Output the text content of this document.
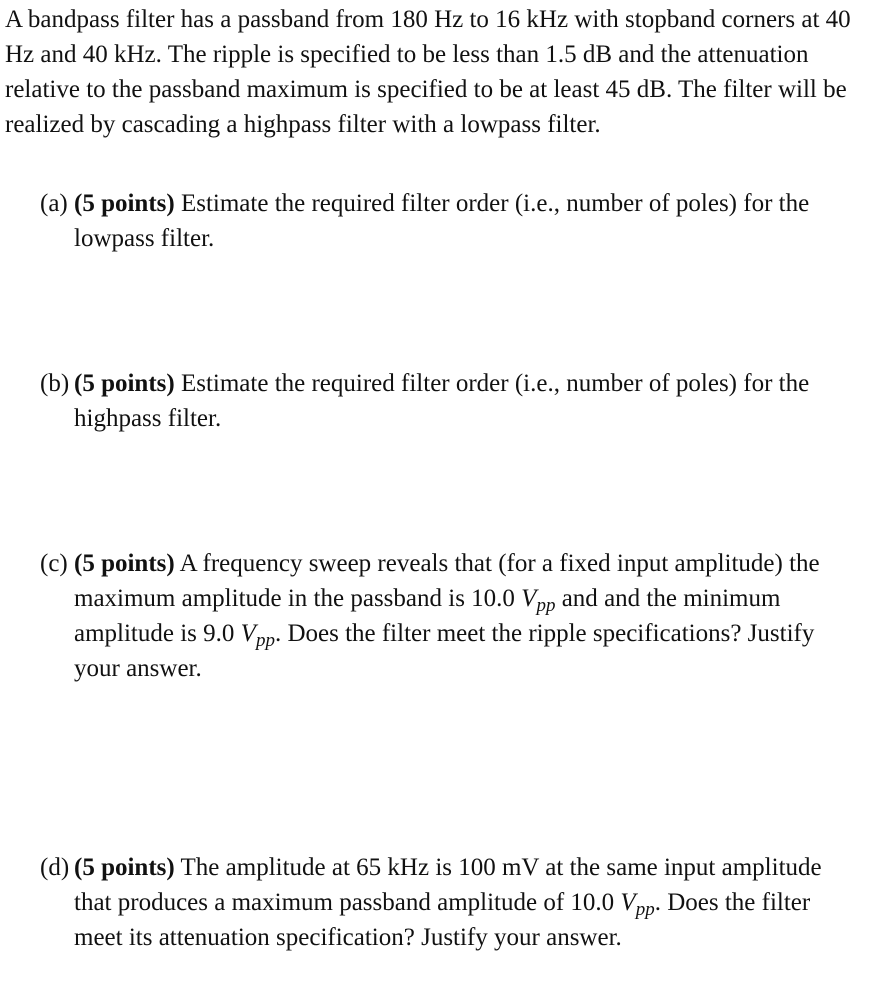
A bandpass filter has a passband from 180 Hz to 16 kHz with stopband corners at 40 Hz and 40 kHz. The ripple is specified to be less than 1.5 dB and the attenuation relative to the passband maximum is specified to be at least 45 dB. The filter will be realized by cascading a highpass filter with a lowpass filter.

(a) (5 points) Estimate the required filter order (i.e., number of poles) for the lowpass filter.
(b) (5 points) Estimate the required filter order (i.e., number of poles) for the highpass filter.
(c) (5 points) A frequency sweep reveals that (for a fixed input amplitude) the maximum amplitude in the passband is 10.0 $V_{pp}$ and and the minimum amplitude is 9.0 $V_{pp}$. Does the filter meet the ripple specifications? Justify your answer.
(d) (5 points) The amplitude at 65 kHz is 100 mV at the same input amplitude that produces a maximum passband amplitude of 10.0 $V_{pp}$. Does the filter meet its attenuation specification? Justify your answer.
